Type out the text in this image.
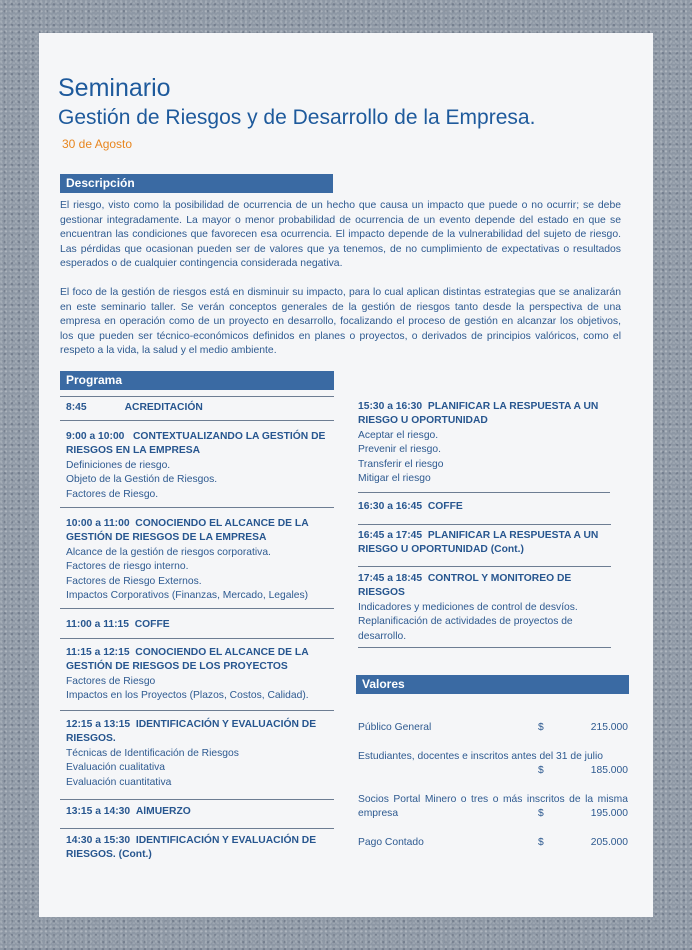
Seminario
Gestión de Riesgos y de Desarrollo de la Empresa.
30 de Agosto
Descripción

El riesgo, visto como la posibilidad de ocurrencia de un hecho que causa un impacto que puede o no ocurrir; se debe gestionar integradamente. La mayor o menor probabilidad de ocurrencia de un evento depende del estado en que se encuentran las condiciones que favorecen esa ocurrencia. El impacto depende de la vulnerabilidad del sujeto de riesgo. Las pérdidas que ocasionan pueden ser de valores que ya tenemos, de no cumplimiento de expectativas o resultados esperados o de cualquier contingencia considerada negativa.

El foco de la gestión de riesgos está en disminuir su impacto, para lo cual aplican distintas estrategias que se analizarán en este seminario taller. Se verán conceptos generales de la gestión de riesgos tanto desde la perspectiva de una empresa en operación como de un proyecto en desarrollo, focalizando el proceso de gestión en alcanzar los objetivos, los que pueden ser técnico-económicos definidos en planes o proyectos, o derivados de principios valóricos, como el respeto a la vida, la salud y el medio ambiente.

Programa
8:45	ACREDITACIÓN
9:00 a 10:00 CONTEXTUALIZANDO LA GESTIÓN DE RIESGOS EN LA EMPRESA
Definiciones de riesgo.
Objeto de la Gestión de Riesgos.
Factores de Riesgo.
10:00 a 11:00 CONOCIENDO EL ALCANCE DE LA GESTIÓN DE RIESGOS DE LA EMPRESA
Alcance de la gestión de riesgos corporativa.
Factores de riesgo interno.
Factores de Riesgo Externos.
Impactos Corporativos (Finanzas, Mercado, Legales)
11:00 a 11:15 COFFE
11:15 a 12:15 CONOCIENDO EL ALCANCE DE LA GESTIÓN DE RIESGOS DE LOS PROYECTOS
Factores de Riesgo
Impactos en los Proyectos (Plazos, Costos, Calidad).
12:15 a 13:15 IDENTIFICACIÓN Y EVALUACIÓN DE RIESGOS.
Técnicas de Identificación de Riesgos
Evaluación cualitativa
Evaluación cuantitativa
13:15 a 14:30 AlMUERZO
14:30 a 15:30 IDENTIFICACIÓN Y EVALUACIÓN DE RIESGOS. (Cont.)
15:30 a 16:30 PLANIFICAR LA RESPUESTA A UN RIESGO U OPORTUNIDAD
Aceptar el riesgo.
Prevenir el riesgo.
Transferir el riesgo
Mitigar el riesgo
16:30 a 16:45 COFFE
16:45 a 17:45 PLANIFICAR LA RESPUESTA A UN RIESGO U OPORTUNIDAD (Cont.)
17:45 a 18:45 CONTROL Y MONITOREO DE RIESGOS
Indicadores y mediciones de control de desvíos.
Replanificación de actividades de proyectos de desarrollo.
Valores
Público General	$	215.000
Estudiantes, docentes e inscritos antes del 31 de julio
$	185.000
Socios Portal Minero o tres o más inscritos de la misma empresa	$	195.000
Pago Contado	$	205.000
